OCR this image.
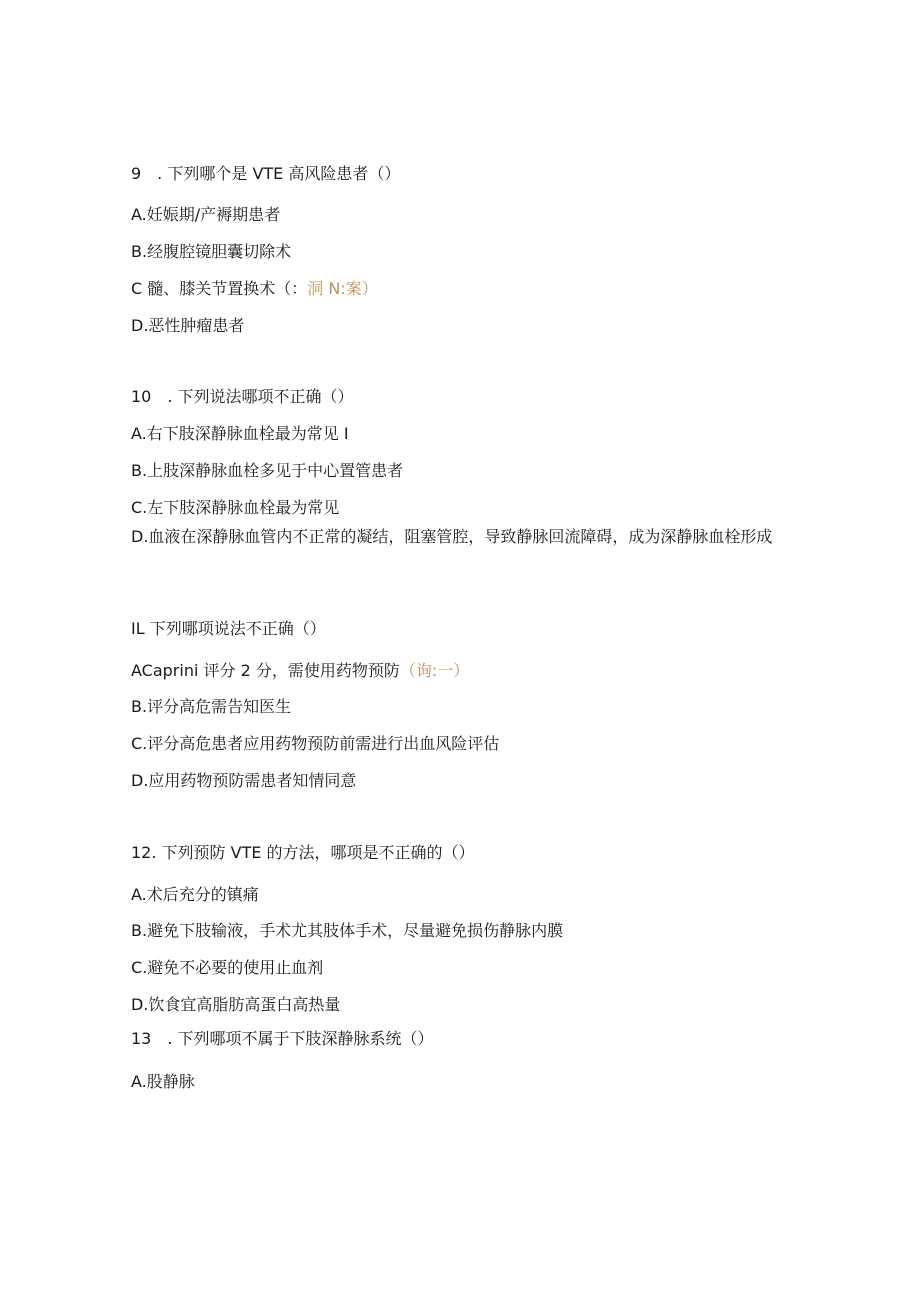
9　. 下列哪个是 VTE 高风险患者（）
A.妊娠期/产褥期患者
B.经腹腔镜胆囊切除术
C 髓、膝关节置换术（：洞 N:案）
D.恶性肿瘤患者
10　. 下列说法哪项不正确（）
A.右下肢深静脉血栓最为常见 I
B.上肢深静脉血栓多见于中心置管患者
C.左下肢深静脉血栓最为常见
D.血液在深静脉血管内不正常的凝结，阻塞管腔，导致静脉回流障碍，成为深静脉血栓形成
IL 下列哪项说法不正确（）
ACaprini 评分 2 分，需使用药物预防（询:一）
B.评分高危需告知医生
C.评分高危患者应用药物预防前需进行出血风险评估
D.应用药物预防需患者知情同意
12. 下列预防 VTE 的方法，哪项是不正确的（）
A.术后充分的镇痛
B.避免下肢输液，手术尤其肢体手术，尽量避免损伤静脉内膜
C.避免不必要的使用止血剂
D.饮食宜高脂肪高蛋白高热量
13　. 下列哪项不属于下肢深静脉系统（）
A.股静脉
